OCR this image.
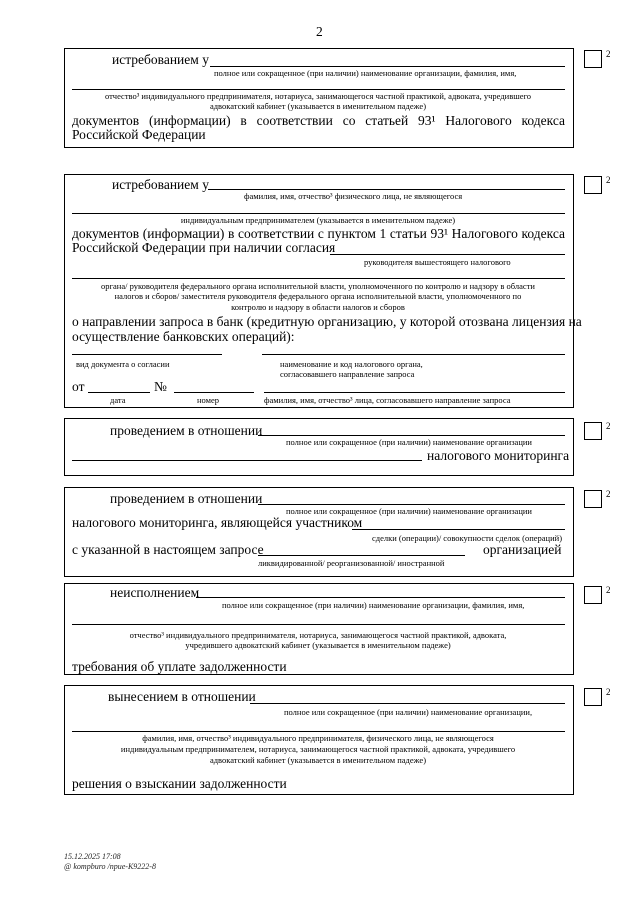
2
2
истребованием у
полное или сокращенное (при наличии) наименование организации, фамилия, имя,
отчество³ индивидуального предпринимателя, нотариуса, занимающегося частной практикой, адвоката, учредившего
адвокатский кабинет (указывается в именительном падеже)
документов (информации) в соответствии со статьей 93¹ Налогового кодекса
Российской Федерации
2
истребованием у
фамилия, имя, отчество³ физического лица, не являющегося
индивидуальным предпринимателем (указывается в именительном падеже)
документов (информации) в соответствии с пунктом 1 статьи 93¹ Налогового кодекса
Российской Федерации при наличии согласия
руководителя вышестоящего налогового
органа/ руководителя федерального органа исполнительной власти, уполномоченного по контролю и надзору в области
налогов и сборов/ заместителя руководителя федерального органа исполнительной власти, уполномоченного по
контролю и надзору в области налогов и сборов
о направлении запроса в банк (кредитную организацию, у которой отозвана лицензия на
осуществление банковских операций):
вид документа о согласии	наименование и код налогового органа,
согласовавшего направление запроса
от	№
дата	номер	фамилия, имя, отчество³ лица, согласовавшего направление запроса
2
проведением в отношении
полное или сокращенное (при наличии) наименование организации
налогового мониторинга
2
проведением в отношении
полное или сокращенное (при наличии) наименование организации
налогового мониторинга, являющейся участником
сделки (операции)/ совокупности сделок (операций)
с указанной в настоящем запросе	организацией
ликвидированной/ реорганизованной/ иностранной
2
неисполнением
полное или сокращенное (при наличии) наименование организации, фамилия, имя,
отчество³ индивидуального предпринимателя, нотариуса, занимающегося частной практикой, адвоката,
учредившего адвокатский кабинет (указывается в именительном падеже)
требования об уплате задолженности
2
вынесением в отношении
полное или сокращенное (при наличии) наименование организации,
фамилия, имя, отчество³ индивидуального предпринимателя, физического лица, не являющегося
индивидуальным предпринимателем, нотариуса, занимающегося частной практикой, адвоката, учредившего
адвокатский кабинет (указывается в именительном падеже)
решения о взыскании задолженности
15.12.2025 17:08
@ kompburo /npue-K9222-8
